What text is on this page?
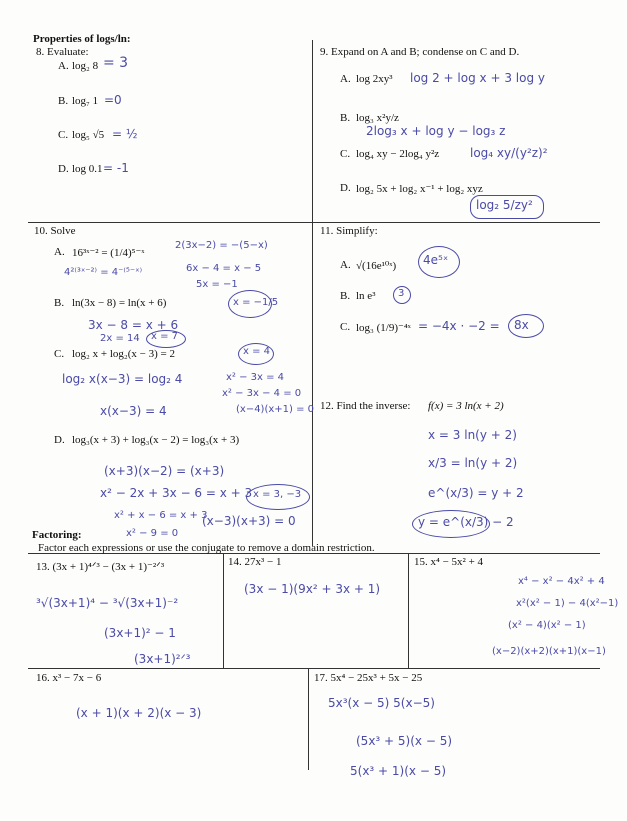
Properties of logs/ln:
8. Evaluate:
A. log₂ 8 = 3
B. log₇ 1 =0
C. log₅ √5 = ½
D. log 0.1 = -1
9. Expand on A and B; condense on C and D.
A. log 2xy³ log 2 + log x + 3 log y
B. log₃ x²y/z
2log₃ x + log y − log₃ z
C. log₄ xy − 2log₄ y²z	log₄ xy/(y²z)²
D. log₂ 5x + log₂ x⁻¹ + log₂ xyz
log₂ 5/zy²
10. Solve
A. 16³ˣ⁻² = (1/4)⁵⁻ˣ
4²⁽³ˣ⁻²⁾ = 4⁻⁽⁵⁻ˣ⁾
2(3x−2) = −(5−x)
6x − 4 = x − 5
5x = −1
x = −1/5
B. ln(3x − 8) = ln(x + 6)
3x − 8 = x + 6
2x = 14 x = 7
C. log₂ x + log₂(x − 3) = 2	x = 4
log₂ x(x−3) = log₂ 4
x(x−3) = 4
x² − 3x = 4
x² − 3x − 4 = 0
(x−4)(x+1) = 0
D. log₃(x + 3) + log₃(x − 2) = log₃(x + 3)
(x+3)(x−2) = (x+3)
x² − 2x + 3x − 6 = x + 3
x² + x − 6 = x + 3
x² − 9 = 0
(x−3)(x+3) = 0
x = 3, −3
11. Simplify:
A. √(16e¹⁰ˣ) 4e⁵ˣ
B. ln e³ 3
C. log₃ (1/9)⁻⁴ˣ = −4x · −2 = 8x
12. Find the inverse: f(x) = 3 ln(x + 2)
x = 3 ln(y + 2)
x/3 = ln(y + 2)
e^(x/3) = y + 2
y = e^(x/3) − 2
Factoring:
Factor each expressions or use the conjugate to remove a domain restriction.
13. (3x + 1)⁴ᐟ³ − (3x + 1)⁻²ᐟ³
³√(3x+1)⁴ − ³√(3x+1)⁻²
(3x+1)² − 1
(3x+1)²ᐟ³
14. 27x³ − 1
(3x − 1)(9x² + 3x + 1)
15. x⁴ − 5x² + 4
x⁴ − x² − 4x² + 4
x²(x² − 1) − 4(x²−1)
(x² − 4)(x² − 1)
(x−2)(x+2)(x+1)(x−1)
16. x³ − 7x − 6
(x + 1)(x + 2)(x − 3)
17. 5x⁴ − 25x³ + 5x − 25
5x³(x − 5) 5(x−5)
(5x³ + 5)(x − 5)
5(x³ + 1)(x − 5)
